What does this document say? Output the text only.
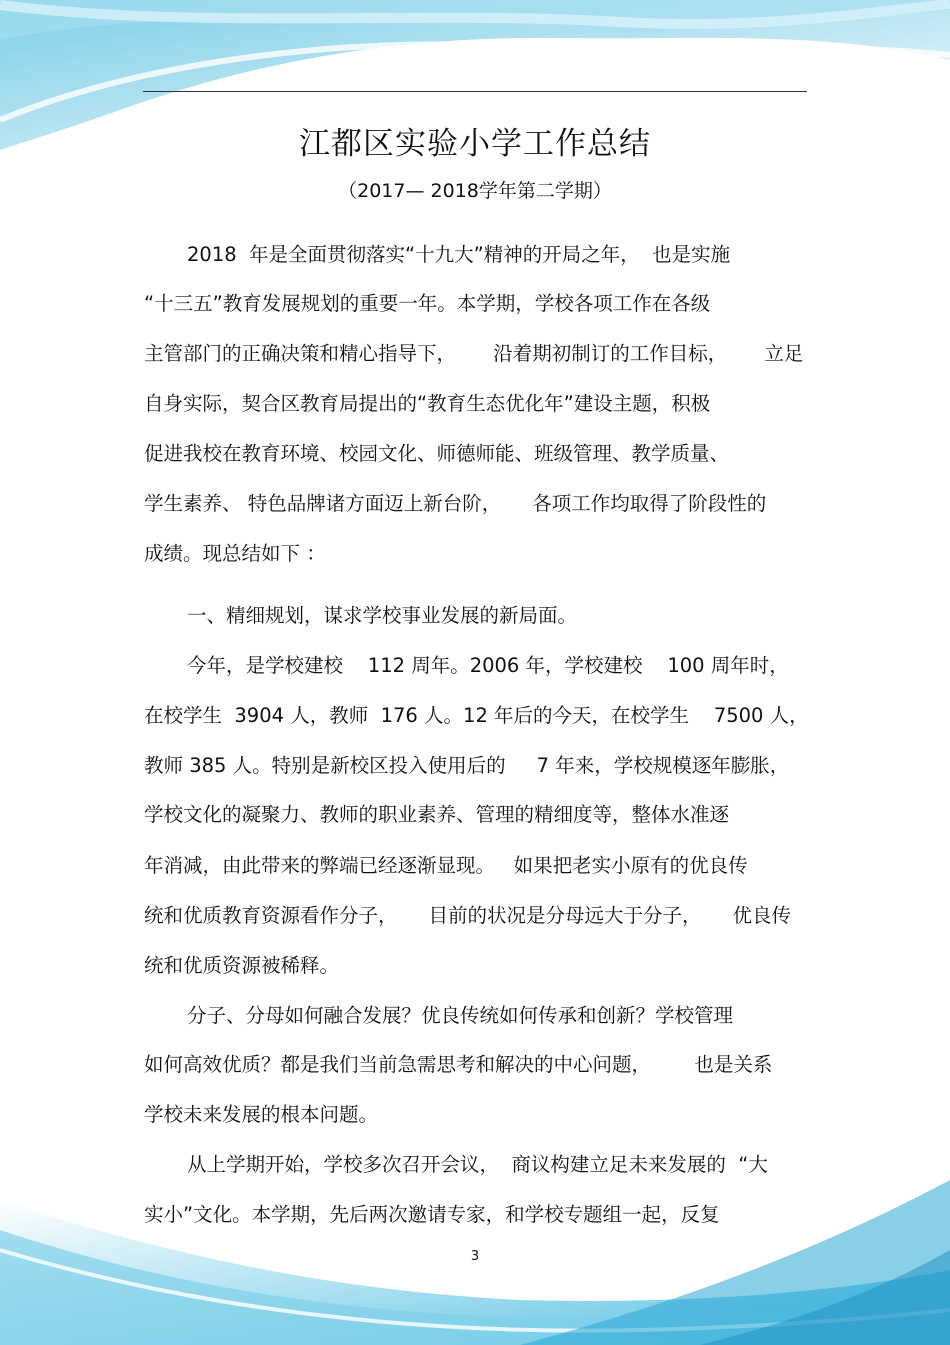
江都区实验小学工作总结
（2017— 2018学年第二学期）

2018  年是全面贯彻落实“十九大”精神的开局之年，  也是实施

“十三五”教育发展规划的重要一年。本学期，学校各项工作在各级

主管部门的正确决策和精心指导下，      沿着期初制订的工作目标，      立足

自身实际，契合区教育局提出的“教育生态优化年”建设主题，积极

促进我校在教育环境、校园文化、师德师能、班级管理、教学质量、

学生素养、 特色品牌诸方面迈上新台阶，     各项工作均取得了阶段性的

成绩。现总结如下 ：

一、精细规划，谋求学校事业发展的新局面。

今年，是学校建校    112 周年。2006 年，学校建校    100 周年时，

在校学生  3904 人，教师  176 人。12 年后的今天，在校学生    7500 人，

教师 385 人。特别是新校区投入使用后的     7 年来，学校规模逐年膨胀，

学校文化的凝聚力、教师的职业素养、管理的精细度等，整体水准逐

年消减，由此带来的弊端已经逐渐显现。   如果把老实小原有的优良传

统和优质教育资源看作分子，     目前的状况是分母远大于分子，     优良传

统和优质资源被稀释。

分子、分母如何融合发展？优良传统如何传承和创新？学校管理

如何高效优质？都是我们当前急需思考和解决的中心问题，       也是关系

学校未来发展的根本问题。

从上学期开始，学校多次召开会议，  商议构建立足未来发展的  “大

实小”文化。本学期，先后两次邀请专家，和学校专题组一起，反复

3
